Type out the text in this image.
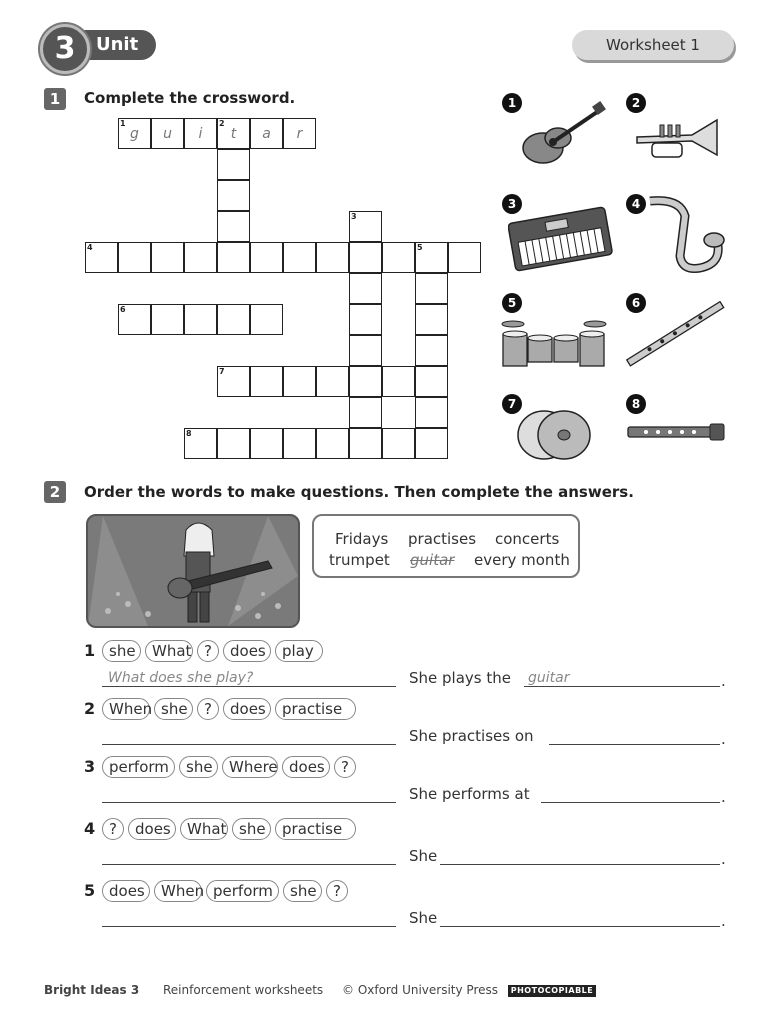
Unit
3	Worksheet 1
1	Complete the crossword.
1
g	u	i
2
t	a	r
4	5
3
6
7
8
1	2
3	4
5	6
7	8
2	Order the words to make questions. Then complete the answers.
Fridays practises concerts
trumpet guitar every month
1 she	What ?	does	play
What does she play?	She plays the guitar	.
2 When she	?	does	practise
She practises on	.
3 perform	she	Where does	?
She performs at	.
4 ?	does	What she	practise
She	.
5 does	When perform	she	?
She	.
Bright Ideas 3 Reinforcement worksheets © Oxford University Press	PHOTOCOPIABLE
